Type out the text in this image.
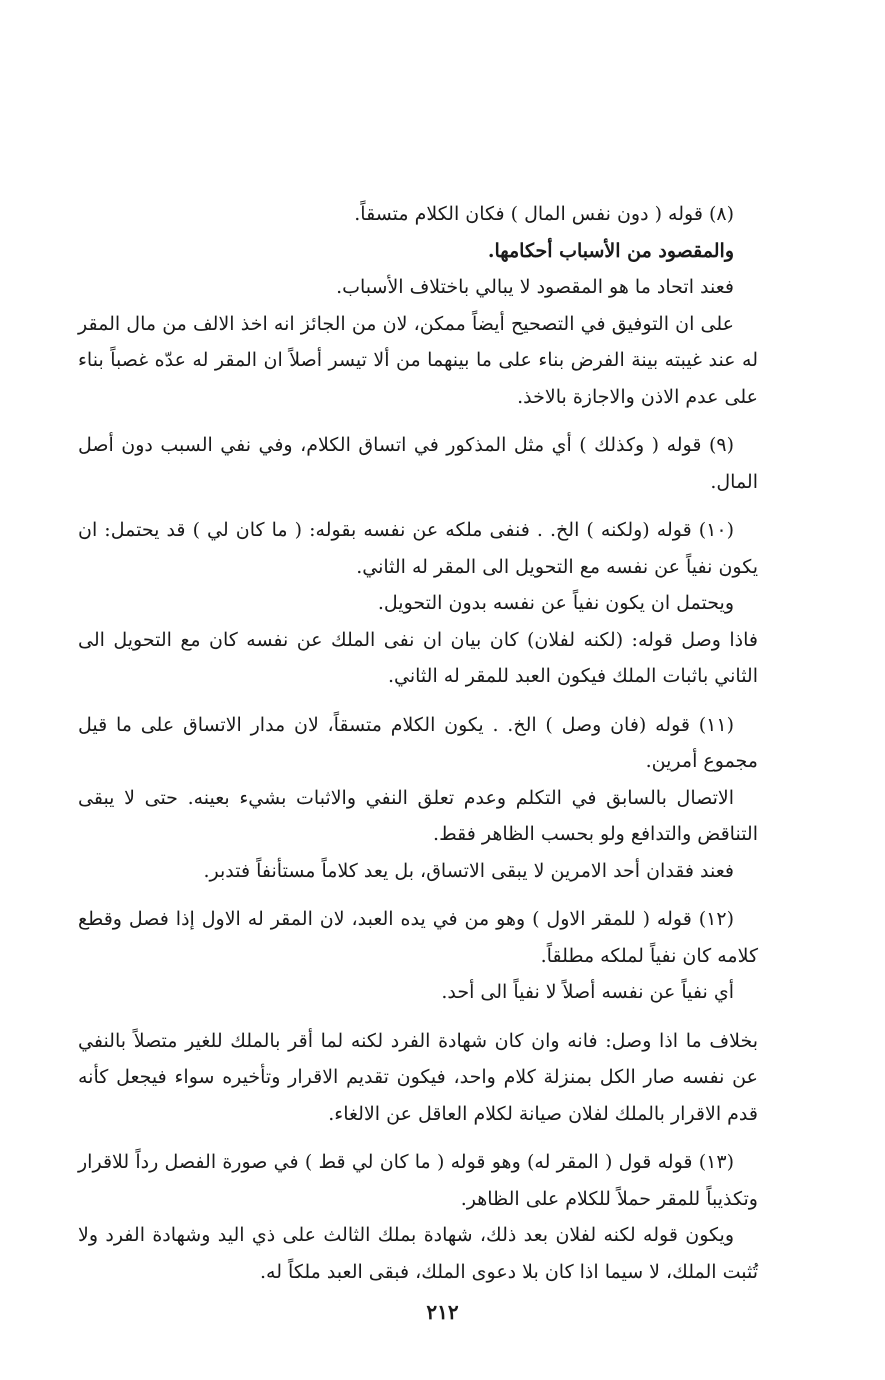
(٨) قوله ( دون نفس المال ) فكان الكلام متسقاً.

والمقصود من الأسباب أحكامها.

فعند اتحاد ما هو المقصود لا يبالي باختلاف الأسباب.

على ان التوفيق في التصحيح أيضاً ممكن، لان من الجائز انه اخذ الالف من مال المقر له عند غيبته بينة الفرض بناء على ما بينهما من ألا تيسر أصلاً ان المقر له عدّه غصباً بناء على عدم الاذن والاجازة بالاخذ.

(٩) قوله ( وكذلك ) أي مثل المذكور في اتساق الكلام، وفي نفي السبب دون أصل المال.

(١٠) قوله (ولكنه ) الخ. . فنفى ملكه عن نفسه بقوله: ( ما كان لي ) قد يحتمل: ان يكون نفياً عن نفسه مع التحويل الى المقر له الثاني.

ويحتمل ان يكون نفياً عن نفسه بدون التحويل.

فاذا وصل قوله: (لكنه لفلان) كان بيان ان نفى الملك عن نفسه كان مع التحويل الى الثاني باثبات الملك فيكون العبد للمقر له الثاني.

(١١) قوله (فان وصل ) الخ. . يكون الكلام متسقاً، لان مدار الاتساق على ما قيل مجموع أمرين.

الاتصال بالسابق في التكلم وعدم تعلق النفي والاثبات بشيء بعينه. حتى لا يبقى التناقض والتدافع ولو بحسب الظاهر فقط.

فعند فقدان أحد الامرين لا يبقى الاتساق، بل يعد كلاماً مستأنفاً فتدبر.

(١٢) قوله ( للمقر الاول ) وهو من في يده العبد، لان المقر له الاول إذا فصل وقطع كلامه كان نفياً لملكه مطلقاً.

أي نفياً عن نفسه أصلاً لا نفياً الى أحد.

بخلاف ما اذا وصل: فانه وان كان شهادة الفرد لكنه لما أقر بالملك للغير متصلاً بالنفي عن نفسه صار الكل بمنزلة كلام واحد، فيكون تقديم الاقرار وتأخيره سواء فيجعل كأنه قدم الاقرار بالملك لفلان صيانة لكلام العاقل عن الالغاء.

(١٣) قوله قول ( المقر له) وهو قوله ( ما كان لي قط ) في صورة الفصل رداً للاقرار وتكذيباً للمقر حملاً للكلام على الظاهر.

ويكون قوله لكنه لفلان بعد ذلك، شهادة بملك الثالث على ذي اليد وشهادة الفرد ولا تُثبت الملك، لا سيما اذا كان بلا دعوى الملك، فبقى العبد ملكاً له.

٢١٢
